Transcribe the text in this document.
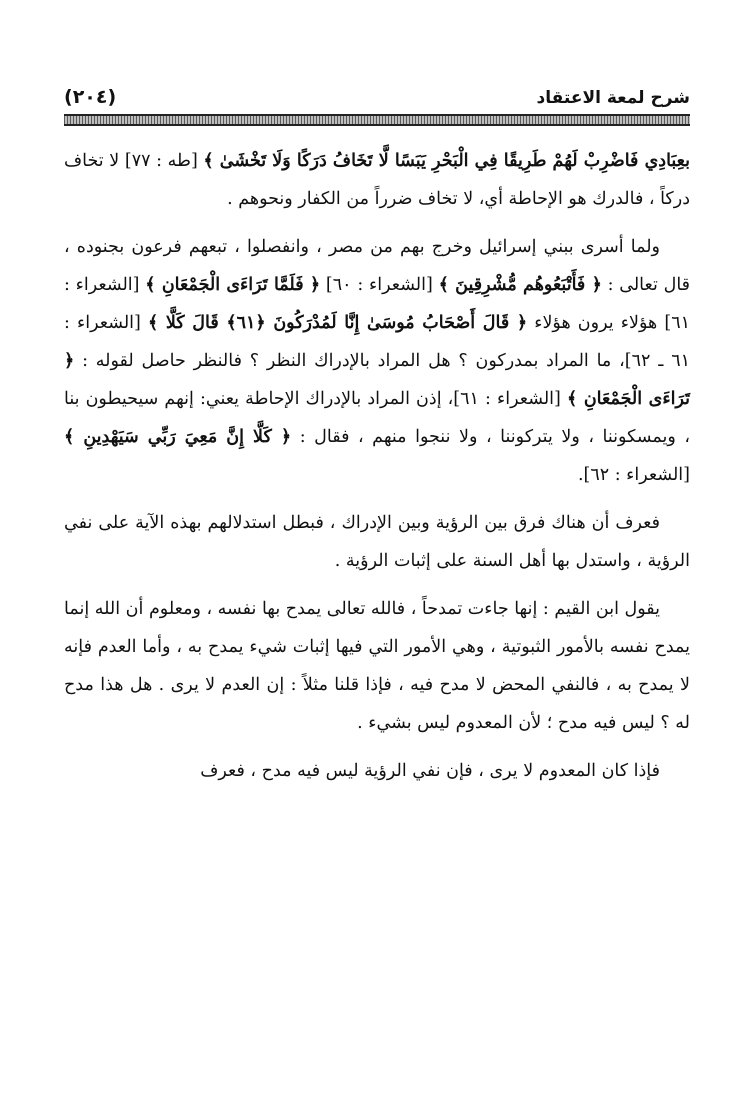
شرح لمعة الاعتقاد
(٢٠٤)

بعِبَادِي فَاضْرِبْ لَهُمْ طَرِيقًا فِي الْبَحْرِ يَبَسًا لَّا تَخَافُ دَرَكًا وَلَا تَخْشَىٰ ﴾ [طه : ٧٧] لا تخاف دركاً ، فالدرك هو الإحاطة أي، لا تخاف ضرراً من الكفار ونحوهم .

ولما أسرى ببني إسرائيل وخرج بهم من مصر ، وانفصلوا ، تبعهم فرعون بجنوده ، قال تعالى : ﴿ فَأَتْبَعُوهُم مُّشْرِقِينَ ﴾ [الشعراء : ٦٠] ﴿ فَلَمَّا تَرَاءَى الْجَمْعَانِ ﴾ [الشعراء : ٦١] هؤلاء يرون هؤلاء ﴿ قَالَ أَصْحَابُ مُوسَىٰ إِنَّا لَمُدْرَكُونَ ﴿٦١﴾ قَالَ كَلَّا ﴾ [الشعراء : ٦١ ـ ٦٢]، ما المراد بمدركون ؟ هل المراد بالإدراك النظر ؟ فالنظر حاصل لقوله : ﴿ تَرَاءَى الْجَمْعَانِ ﴾ [الشعراء : ٦١]، إذن المراد بالإدراك الإحاطة يعني: إنهم سيحيطون بنا ، ويمسكوننا ، ولا يتركوننا ، ولا ننجوا منهم ، فقال : ﴿ كَلَّا إِنَّ مَعِيَ رَبِّي سَيَهْدِينِ ﴾ [الشعراء : ٦٢].

فعرف أن هناك فرق بين الرؤية وبين الإدراك ، فبطل استدلالهم بهذه الآية على نفي الرؤية ، واستدل بها أهل السنة على إثبات الرؤية .

يقول ابن القيم : إنها جاءت تمدحاً ، فالله تعالى يمدح بها نفسه ، ومعلوم أن الله إنما يمدح نفسه بالأمور الثبوتية ، وهي الأمور التي فيها إثبات شيء يمدح به ، وأما العدم فإنه لا يمدح به ، فالنفي المحض لا مدح فيه ، فإذا قلنا مثلاً : إن العدم لا يرى . هل هذا مدح له ؟ ليس فيه مدح ؛ لأن المعدوم ليس بشيء .

فإذا كان المعدوم لا يرى ، فإن نفي الرؤية ليس فيه مدح ، فعرف
